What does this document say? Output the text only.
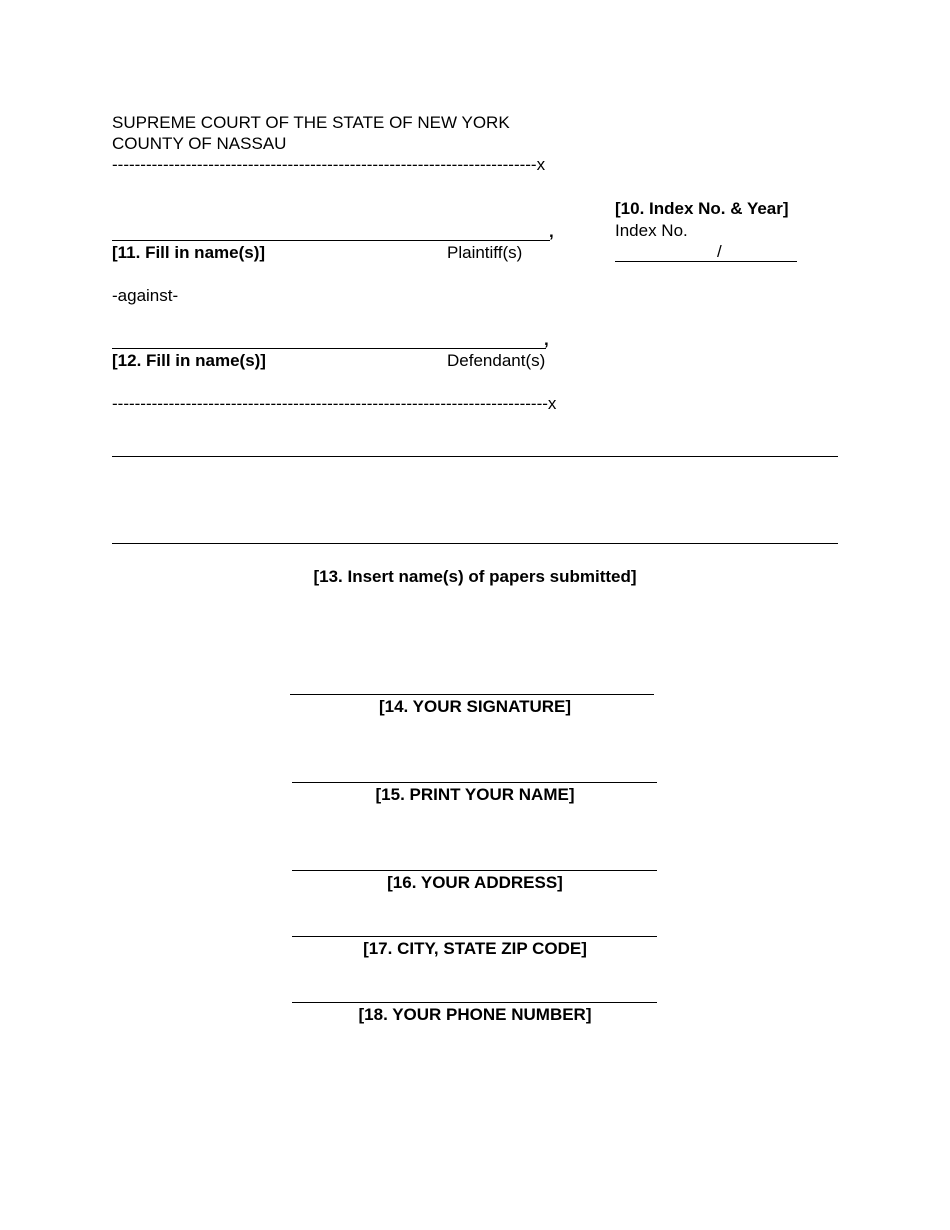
SUPREME COURT OF THE STATE OF NEW YORK
COUNTY OF NASSAU
---------------------------------------------------------------------------x
[10. Index No. & Year]
Index No.
/
,
[11. Fill in name(s)]	Plaintiff(s)
-against-
,
[12. Fill in name(s)]	Defendant(s)
-----------------------------------------------------------------------------x
[13. Insert name(s) of papers submitted]
[14. YOUR SIGNATURE]
[15. PRINT YOUR NAME]
[16. YOUR ADDRESS]
[17. CITY, STATE ZIP CODE]
[18. YOUR PHONE NUMBER]
